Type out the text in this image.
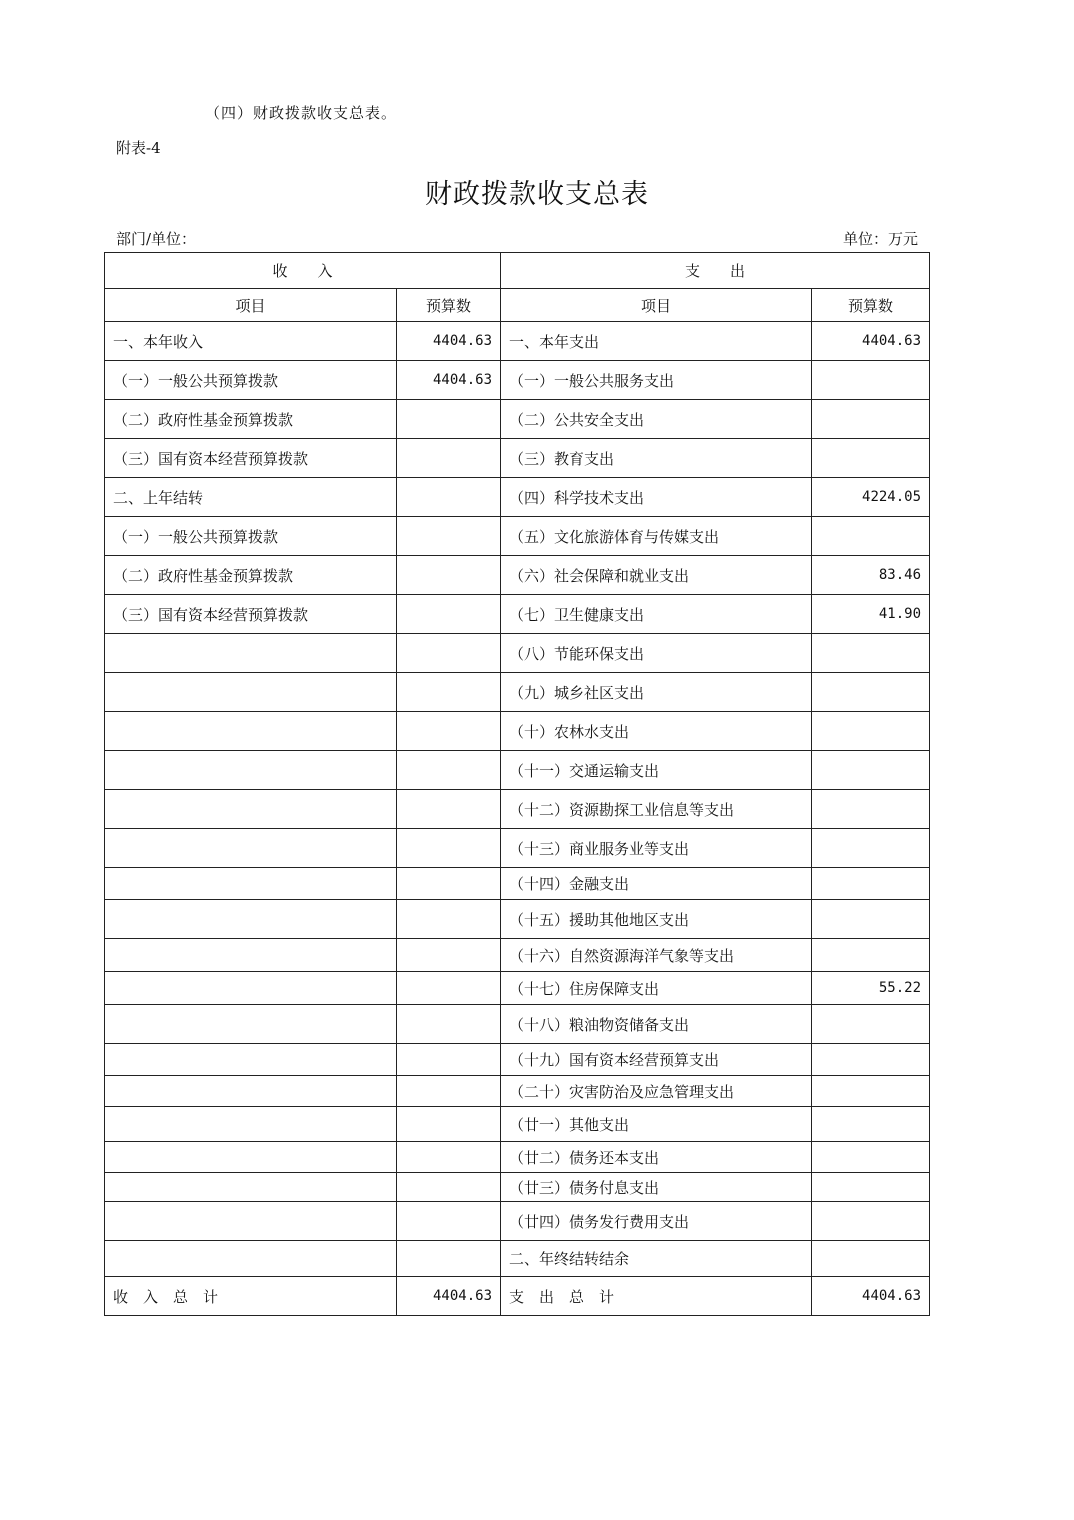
（四）财政拨款收支总表。
附表-4
财政拨款收支总表
部门/单位：	单位：万元
收　　入		支　　出	
项目	预算数	项目	预算数
一、本年收入	4404.63	一、本年支出	4404.63
（一）一般公共预算拨款	4404.63	（一）一般公共服务支出	
（二）政府性基金预算拨款		（二）公共安全支出	
（三）国有资本经营预算拨款		（三）教育支出	
二、上年结转		（四）科学技术支出	4224.05
（一）一般公共预算拨款		（五）文化旅游体育与传媒支出	
（二）政府性基金预算拨款		（六）社会保障和就业支出	83.46
（三）国有资本经营预算拨款		（七）卫生健康支出	41.90
		（八）节能环保支出	
		（九）城乡社区支出	
		（十）农林水支出	
		（十一）交通运输支出	
		（十二）资源勘探工业信息等支出	
		（十三）商业服务业等支出	
		（十四）金融支出	
		（十五）援助其他地区支出	
		（十六）自然资源海洋气象等支出	
		（十七）住房保障支出	55.22
		（十八）粮油物资储备支出	
		（十九）国有资本经营预算支出	
		（二十）灾害防治及应急管理支出	
		（廿一）其他支出	
		（廿二）债务还本支出	
		（廿三）债务付息支出	
		（廿四）债务发行费用支出	
		二、年终结转结余	
收　入　总　计	4404.63	支　出　总　计	4404.63
